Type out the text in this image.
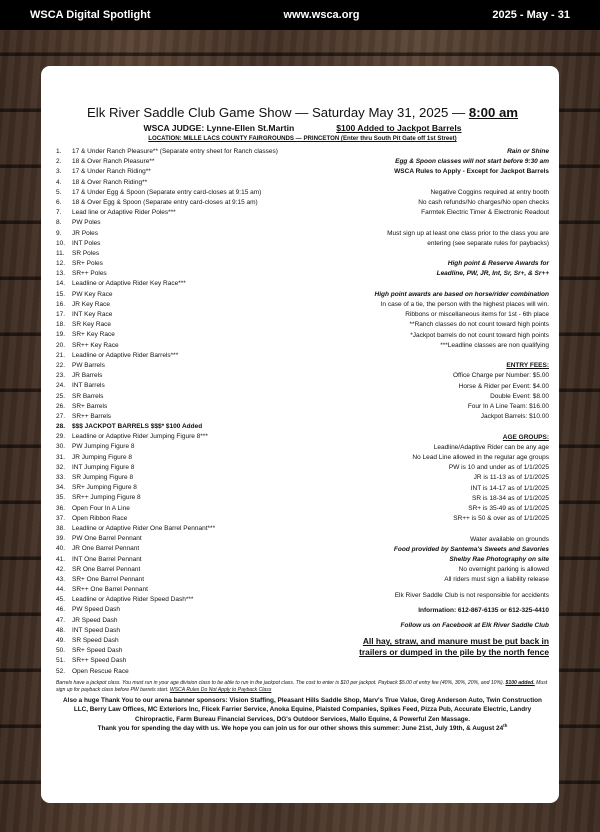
WSCA Digital Spotlight	www.wsca.org	2025 - May - 31
Elk River Saddle Club Game Show — Saturday May 31, 2025 — 8:00 am
WSCA JUDGE: Lynne-Ellen St.Martin	$100 Added to Jackpot Barrels
LOCATION: MILLE LACS COUNTY FAIRGROUNDS — PRINCETON (Enter thru South Pit Gate off 1st Street)
1. 17 & Under Ranch Pleasure** (Separate entry sheet for Ranch classes)
2. 18 & Over Ranch Pleasure**
3. 17 & Under Ranch Riding**
4. 18 & Over Ranch Riding**
5. 17 & Under Egg & Spoon (Separate entry card-closes at 9:15 am)
6. 18 & Over Egg & Spoon (Separate entry card-closes at 9:15 am)
7. Lead line or Adaptive Rider Poles***
8. PW Poles
9. JR Poles
10. INT Poles
11. SR Poles
12. SR+ Poles
13. SR++ Poles
14. Leadline or Adaptive Rider Key Race***
15. PW Key Race
16. JR Key Race
17. INT Key Race
18. SR Key Race
19. SR+ Key Race
20. SR++ Key Race
21. Leadline or Adaptive Rider Barrels***
22. PW Barrels
23. JR Barrels
24. INT Barrels
25. SR Barrels
26. SR+ Barrels
27. SR++ Barrels
28. $$$ JACKPOT BARRELS $$$* $100 Added
29. Leadline or Adaptive Rider Jumping Figure 8***
30. PW Jumping Figure 8
31. JR Jumping Figure 8
32. INT Jumping Figure 8
33. SR Jumping Figure 8
34. SR+ Jumping Figure 8
35. SR++ Jumping Figure 8
36. Open Four In A Line
37. Open Ribbon Race
38. Leadline or Adaptive Rider One Barrel Pennant***
39. PW One Barrel Pennant
40. JR One Barrel Pennant
41. INT One Barrel Pennant
42. SR One Barrel Pennant
43. SR+ One Barrel Pennant
44. SR++ One Barrel Pennant
45. Leadline or Adaptive Rider Speed Dash***
46. PW Speed Dash
47. JR Speed Dash
48. INT Speed Dash
49. SR Speed Dash
50. SR+ Speed Dash
51. SR++ Speed Dash
52. Open Rescue Race
Rain or Shine
Egg & Spoon classes will not start before 9:30 am
WSCA Rules to Apply - Except for Jackpot Barrels
Negative Coggins required at entry booth
No cash refunds/No charges/No open checks
Farmtek Electric Timer & Electronic Readout
Must sign up at least one class prior to the class you are
entering (see separate rules for paybacks)
High point & Reserve Awards for
Leadline, PW, JR, Int, Sr, Sr+, & Sr++
High point awards are based on horse/rider combination
In case of a tie, the person with the highest places will win.
Ribbons or miscellaneous items for 1st - 6th place
**Ranch classes do not count toward high points
*Jackpot barrels do not count toward high points
***Leadline classes are non qualifying
ENTRY FEES:
Office Charge per Number: $5.00
Horse & Rider per Event: $4.00
Double Event: $8.00
Four In A Line Team: $16.00
Jackpot Barrels: $10.00
AGE GROUPS:
Leadline/Adaptive Rider can be any age
No Lead Line allowed in the regular age groups
PW is 10 and under as of 1/1/2025
JR is 11-13 as of 1/1/2025
INT is 14-17 as of 1/1/2025
SR is 18-34 as of 1/1/2025
SR+ is 35-49 as of 1/1/2025
SR++ is 50 & over as of 1/1/2025
Water available on grounds
Food provided by Santema's Sweets and Savories
Shelby Rae Photography on site
No overnight parking is allowed
All riders must sign a liability release
Elk River Saddle Club is not responsible for accidents
Information: 612-867-6135 or 612-325-4410
Follow us on Facebook at Elk River Saddle Club
All hay, straw, and manure must be put back in
trailers or dumped in the pile by the north fence
Barrels have a jackpot class. You must run in your age division class to be able to run in the jackpot class. The cost to enter is $10 per jackpot. Payback $5.00 of entry fee (40%, 30%, 20%, and 10%). $100 added. Must sign up for payback class before PW barrels start. WSCA Rules Do Not Apply to Payback Class
Also a huge Thank You to our arena banner sponsors: Vision Staffing, Pleasant Hills Saddle Shop, Marv's True Value, Greg Anderson Auto, Twin Construction LLC, Berry Law Offices, MC Exteriors Inc, Flicek Farrier Service, Anoka Equine, Plaisted Companies, Spikes Feed, Pizza Pub, Accurate Electric, Landry Chiropractic, Farm Bureau Financial Services, DG's Outdoor Services, Mallo Equine, & Powerful Zen Massage.
Thank you for spending the day with us. We hope you can join us for our other shows this summer: June 21st, July 19th, & August 24th
